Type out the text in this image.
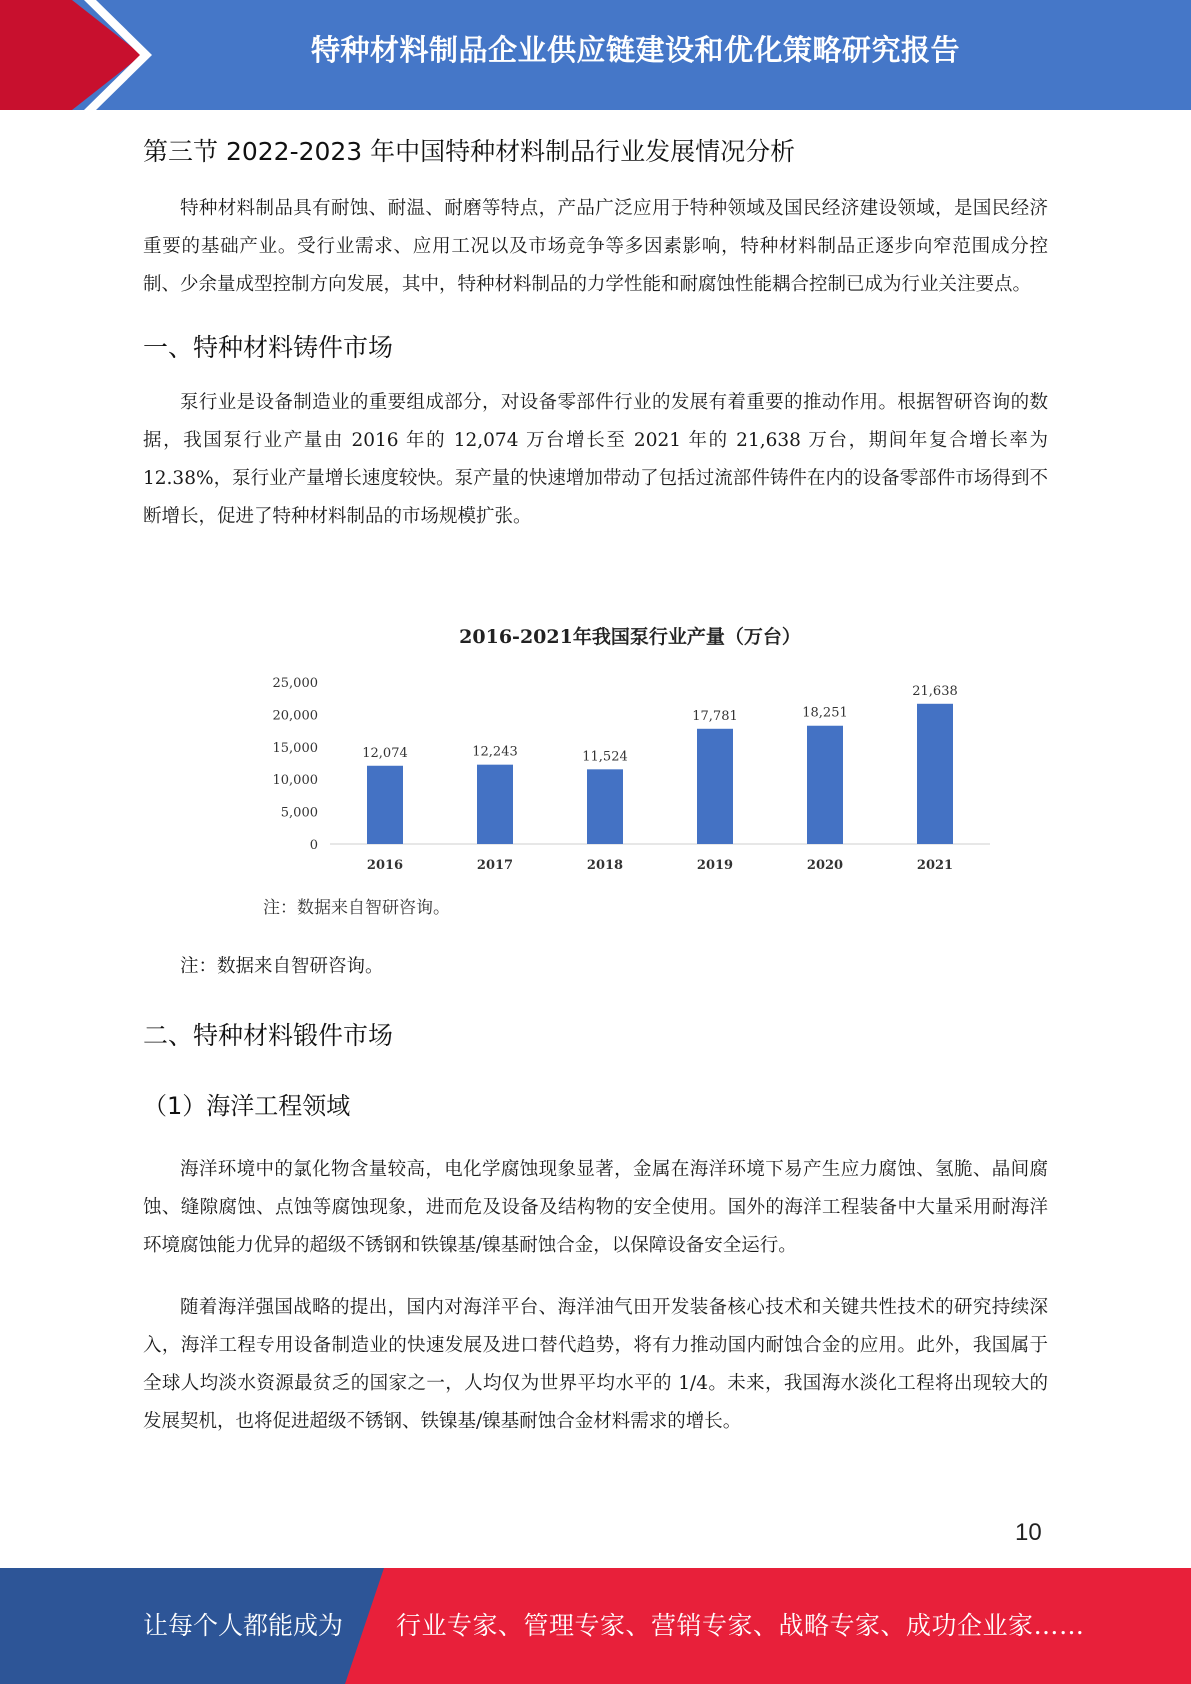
特种材料制品企业供应链建设和优化策略研究报告
第三节 2022-2023 年中国特种材料制品行业发展情况分析

特种材料制品具有耐蚀、耐温、耐磨等特点，产品广泛应用于特种领域及国民经济建设领域，是国民经济重要的基础产业。受行业需求、应用工况以及市场竞争等多因素影响，特种材料制品正逐步向窄范围成分控制、少余量成型控制方向发展，其中，特种材料制品的力学性能和耐腐蚀性能耦合控制已成为行业关注要点。

一、特种材料铸件市场

泵行业是设备制造业的重要组成部分，对设备零部件行业的发展有着重要的推动作用。根据智研咨询的数据，我国泵行业产量由 2016 年的 12,074 万台增长至 2021 年的 21,638 万台，期间年复合增长率为 12.38%，泵行业产量增长速度较快。泵产量的快速增加带动了包括过流部件铸件在内的设备零部件市场得到不断增长，促进了特种材料制品的市场规模扩张。

2016-2021年我国泵行业产量（万台）
0
5,000
10,000
15,000
20,000
25,000
12,074
2016
12,243
2017
11,524
2018
17,781
2019
18,251
2020
21,638
2021
注：数据来自智研咨询。
注：数据来自智研咨询。
二、特种材料锻件市场
（1）海洋工程领域

海洋环境中的氯化物含量较高，电化学腐蚀现象显著，金属在海洋环境下易产生应力腐蚀、氢脆、晶间腐蚀、缝隙腐蚀、点蚀等腐蚀现象，进而危及设备及结构物的安全使用。国外的海洋工程装备中大量采用耐海洋环境腐蚀能力优异的超级不锈钢和铁镍基/镍基耐蚀合金，以保障设备安全运行。

随着海洋强国战略的提出，国内对海洋平台、海洋油气田开发装备核心技术和关键共性技术的研究持续深入，海洋工程专用设备制造业的快速发展及进口替代趋势，将有力推动国内耐蚀合金的应用。此外，我国属于全球人均淡水资源最贫乏的国家之一，人均仅为世界平均水平的 1/4。未来，我国海水淡化工程将出现较大的发展契机，也将促进超级不锈钢、铁镍基/镍基耐蚀合金材料需求的增长。

10
让每个人都能成为 行业专家、管理专家、营销专家、战略专家、成功企业家……
